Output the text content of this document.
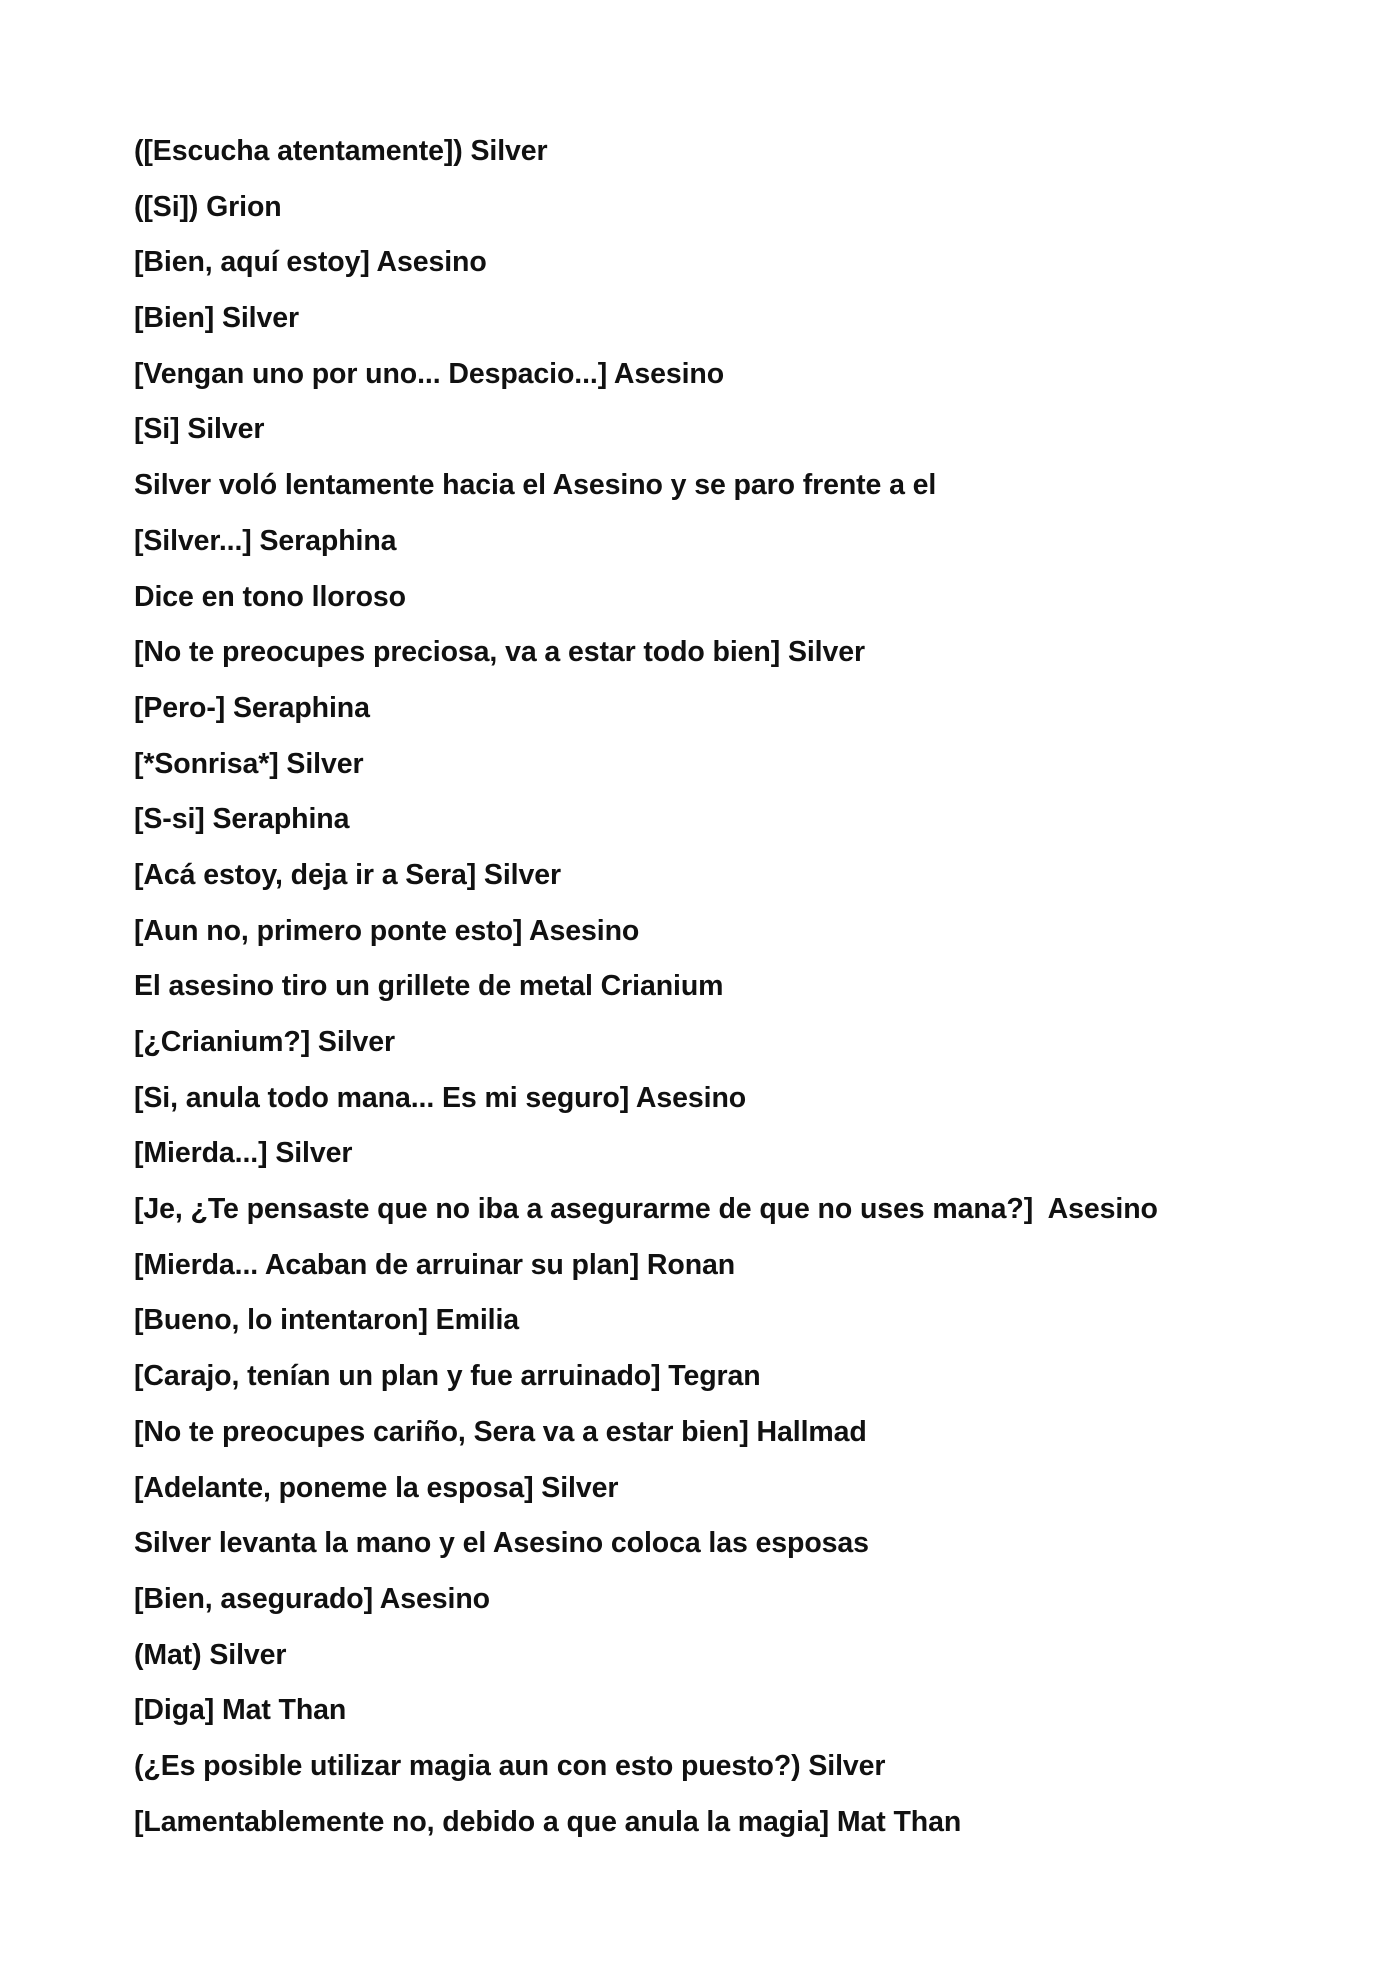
([Escucha atentamente]) Silver
([Si]) Grion
[Bien, aquí estoy] Asesino
[Bien] Silver
[Vengan uno por uno... Despacio...] Asesino
[Si] Silver
Silver voló lentamente hacia el Asesino y se paro frente a el
[Silver...] Seraphina
Dice en tono lloroso
[No te preocupes preciosa, va a estar todo bien] Silver
[Pero-] Seraphina
[*Sonrisa*] Silver
[S-si] Seraphina
[Acá estoy, deja ir a Sera] Silver
[Aun no, primero ponte esto] Asesino
El asesino tiro un grillete de metal Crianium
[¿Crianium?] Silver
[Si, anula todo mana... Es mi seguro] Asesino
[Mierda...] Silver
[Je, ¿Te pensaste que no iba a asegurarme de que no uses mana?]  Asesino
[Mierda... Acaban de arruinar su plan] Ronan
[Bueno, lo intentaron] Emilia
[Carajo, tenían un plan y fue arruinado] Tegran
[No te preocupes cariño, Sera va a estar bien] Hallmad
[Adelante, poneme la esposa] Silver
Silver levanta la mano y el Asesino coloca las esposas
[Bien, asegurado] Asesino
(Mat) Silver
[Diga] Mat Than
(¿Es posible utilizar magia aun con esto puesto?) Silver
[Lamentablemente no, debido a que anula la magia] Mat Than
